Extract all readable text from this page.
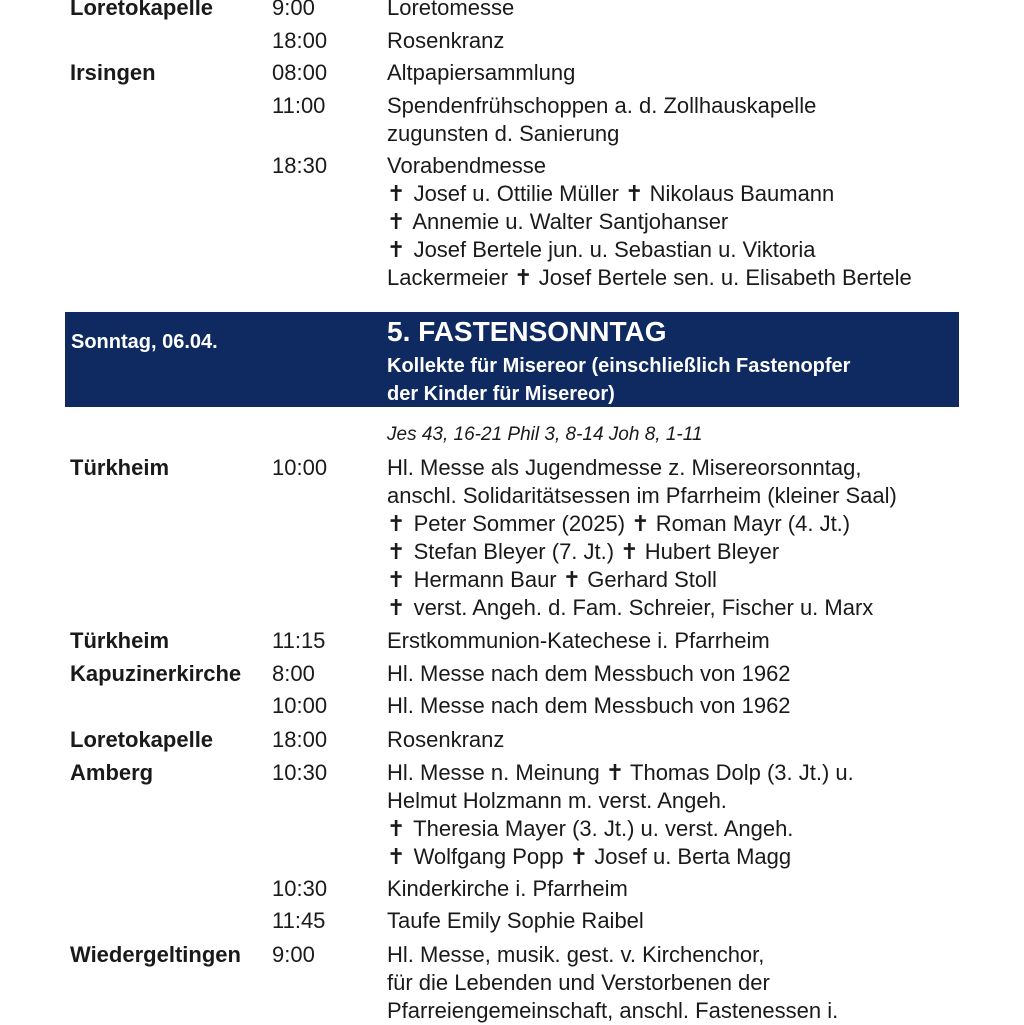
Loretokapelle	9:00	Loretomesse
18:00	Rosenkranz
Irsingen	08:00	Altpapiersammlung
11:00	Spendenfrühschoppen a. d. Zollhauskapelle
zugunsten d. Sanierung
18:30	Vorabendmesse
✝ Josef u. Ottilie Müller ✝ Nikolaus Baumann
✝ Annemie u. Walter Santjohanser
✝ Josef Bertele jun. u. Sebastian u. Viktoria
Lackermeier ✝ Josef Bertele sen. u. Elisabeth Bertele
Sonntag, 06.04.	5. FASTENSONNTAG
Kollekte für Misereor (einschließlich Fastenopfer
der Kinder für Misereor)
Jes 43, 16-21 Phil 3, 8-14 Joh 8, 1-11
Türkheim	10:00	Hl. Messe als Jugendmesse z. Misereorsonntag,
anschl. Solidaritätsessen im Pfarrheim (kleiner Saal)
✝ Peter Sommer (2025) ✝ Roman Mayr (4. Jt.)
✝ Stefan Bleyer (7. Jt.) ✝ Hubert Bleyer
✝ Hermann Baur ✝ Gerhard Stoll
✝ verst. Angeh. d. Fam. Schreier, Fischer u. Marx
Türkheim	11:15	Erstkommunion-Katechese i. Pfarrheim
Kapuzinerkirche 8:00	Hl. Messe nach dem Messbuch von 1962
10:00	Hl. Messe nach dem Messbuch von 1962
Loretokapelle	18:00	Rosenkranz
Amberg	10:30	Hl. Messe n. Meinung ✝ Thomas Dolp (3. Jt.) u.
Helmut Holzmann m. verst. Angeh.
✝ Theresia Mayer (3. Jt.) u. verst. Angeh.
✝ Wolfgang Popp ✝ Josef u. Berta Magg
10:30	Kinderkirche i. Pfarrheim
11:45	Taufe Emily Sophie Raibel
Wiedergeltingen 9:00	Hl. Messe, musik. gest. v. Kirchenchor,
für die Lebenden und Verstorbenen der
Pfarreiengemeinschaft, anschl. Fastenessen i.
